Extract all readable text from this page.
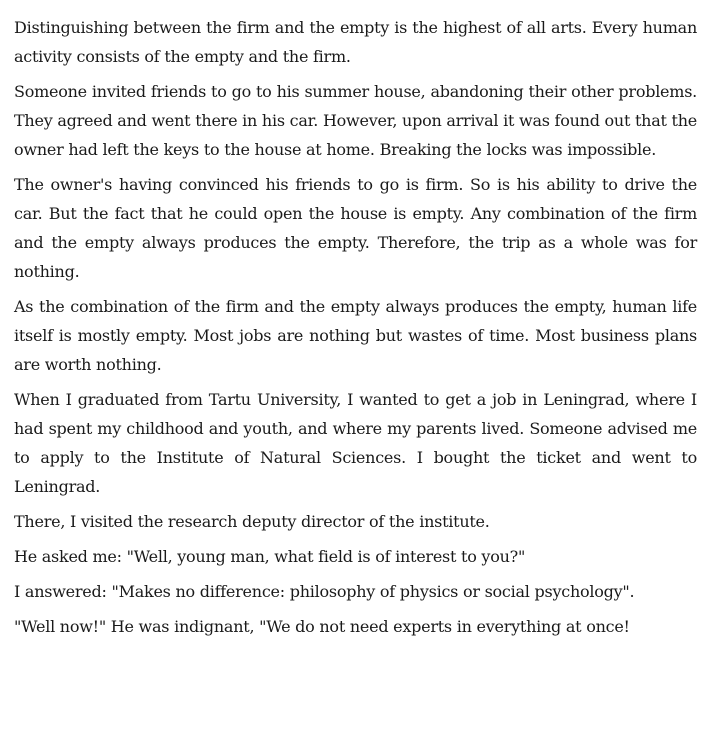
Distinguishing between the firm and the empty is the highest of all arts. Every human activity consists of the empty and the firm.

Someone invited friends to go to his summer house, abandoning their other problems. They agreed and went there in his car. However, upon arrival it was found out that the owner had left the keys to the house at home. Breaking the locks was impossible.

The owner's having convinced his friends to go is firm. So is his ability to drive the car. But the fact that he could open the house is empty. Any combination of the firm and the empty always produces the empty. Therefore, the trip as a whole was for nothing.

As the combination of the firm and the empty always produces the empty, human life itself is mostly empty. Most jobs are nothing but wastes of time. Most business plans are worth nothing.

When I graduated from Tartu University, I wanted to get a job in Leningrad, where I had spent my childhood and youth, and where my parents lived. Someone advised me to apply to the Institute of Natural Sciences. I bought the ticket and went to Leningrad.

There, I visited the research deputy director of the institute.

He asked me: "Well, young man, what field is of interest to you?"

I answered: "Makes no difference: philosophy of physics or social psychology".

"Well now!" He was indignant, "We do not need experts in everything at once!
